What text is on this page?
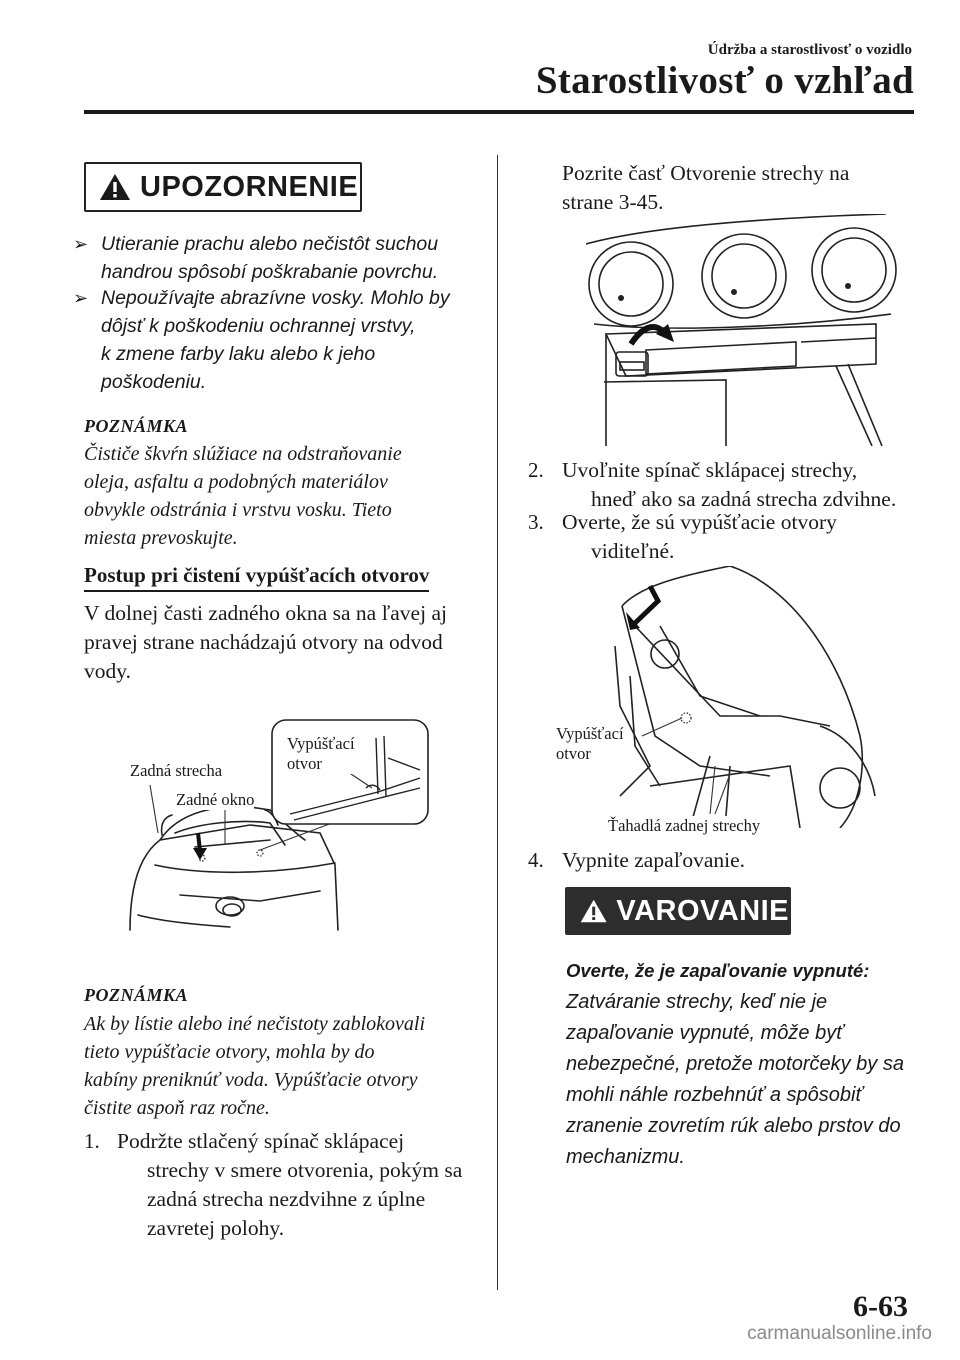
Údržba a starostlivosť o vozidlo
Starostlivosť o vzhľad
UPOZORNENIE
➢ Utieranie prachu alebo nečistôt suchou
handrou spôsobí poškrabanie povrchu.
➢ Nepoužívajte abrazívne vosky. Mohlo by
dôjsť k poškodeniu ochrannej vrstvy,
k zmene farby laku alebo k jeho
poškodeniu.
POZNÁMKA
Čističe škvŕn slúžiace na odstraňovanie
oleja, asfaltu a podobných materiálov
obvykle odstránia i vrstvu vosku. Tieto
miesta prevoskujte.
Postup pri čistení vypúšťacích otvorov
V dolnej časti zadného okna sa na ľavej aj
pravej strane nachádzajú otvory na odvod
vody.
Zadná strecha
Zadné okno
Vypúšťací
otvor
POZNÁMKA
Ak by lístie alebo iné nečistoty zablokovali
tieto vypúšťacie otvory, mohla by do
kabíny preniknúť voda. Vypúšťacie otvory
čistite aspoň raz ročne.
1. Podržte stlačený spínač sklápacej
strechy v smere otvorenia, pokým sa
zadná strecha nezdvihne z úplne
zavretej polohy.
Pozrite časť Otvorenie strechy na
strane 3-45.
2. Uvoľnite spínač sklápacej strechy,
hneď ako sa zadná strecha zdvihne.
3. Overte, že sú vypúšťacie otvory
viditeľné.
Vypúšťací
otvor
Ťahadlá zadnej strechy
4. Vypnite zapaľovanie.
VAROVANIE
Overte, že je zapaľovanie vypnuté:
Zatváranie strechy, keď nie je
zapaľovanie vypnuté, môže byť
nebezpečné, pretože motorčeky by sa
mohli náhle rozbehnúť a spôsobiť
zranenie zovretím rúk alebo prstov do
mechanizmu.
6-63
carmanualsonline.info
